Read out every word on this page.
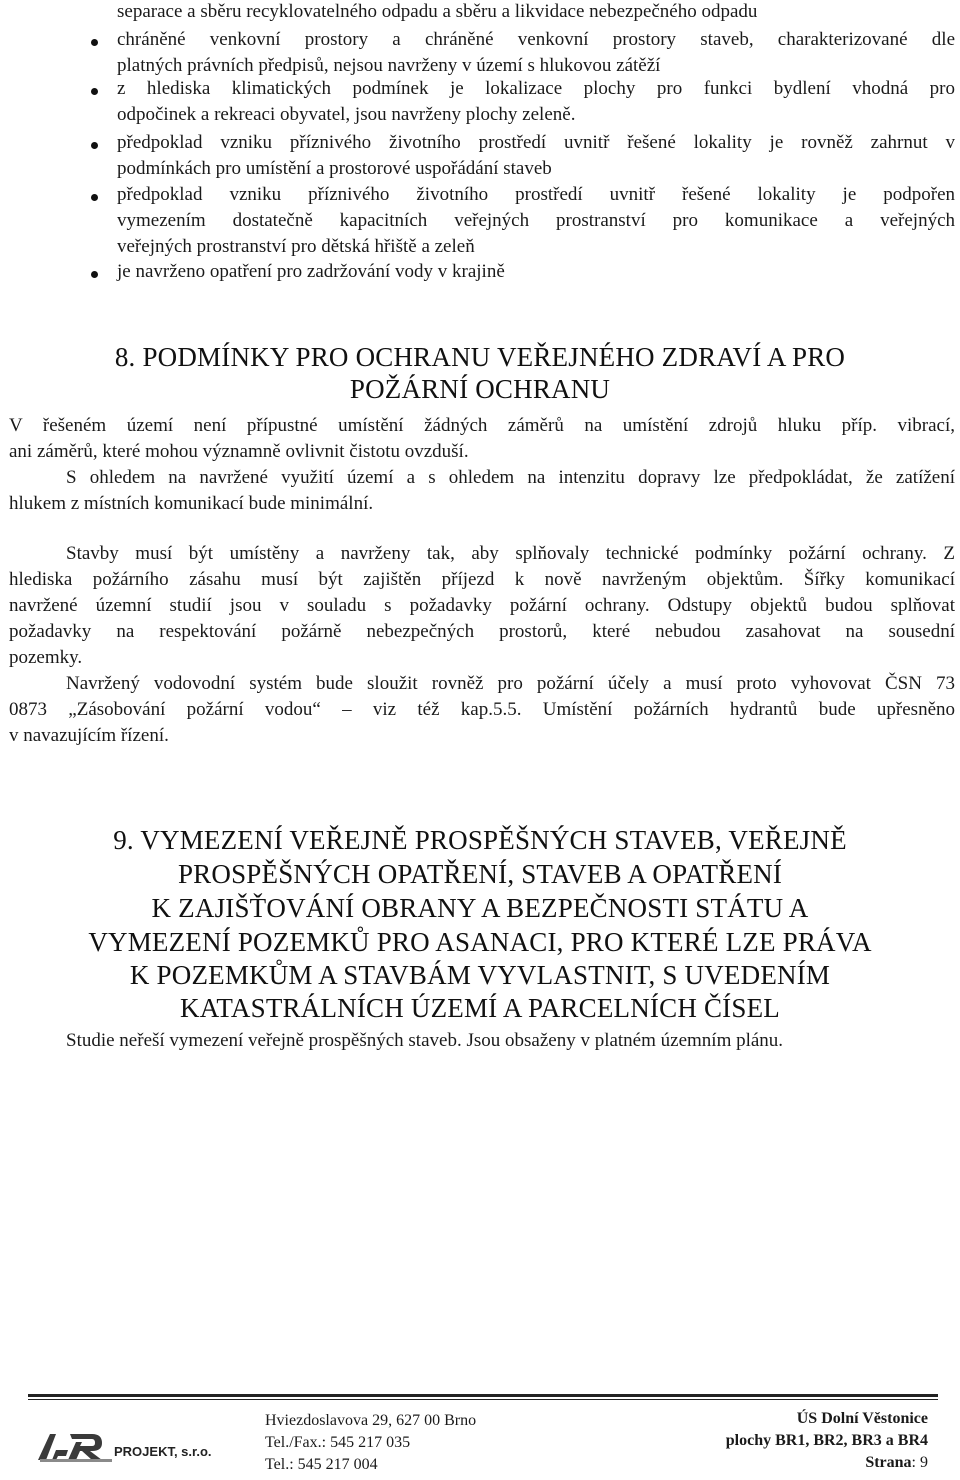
separace a sběru recyklovatelného odpadu a sběru a likvidace nebezpečného odpadu
chráněné venkovní prostory a chráněné venkovní prostory staveb, charakterizované dle
platných právních předpisů, nejsou navrženy v území s hlukovou zátěží
z hlediska klimatických podmínek je lokalizace plochy pro funkci bydlení vhodná pro
odpočinek a rekreaci obyvatel, jsou navrženy plochy zeleně.
předpoklad vzniku příznivého životního prostředí uvnitř řešené lokality je rovněž zahrnut v
podmínkách pro umístění a prostorové uspořádání staveb
předpoklad vzniku příznivého životního prostředí uvnitř řešené lokality je podpořen
vymezením dostatečně kapacitních veřejných prostranství pro komunikace a veřejných
veřejných prostranství pro dětská hřiště a zeleň
je navrženo opatření pro zadržování vody v krajině
8. PODMÍNKY PRO OCHRANU VEŘEJNÉHO ZDRAVÍ A PRO
POŽÁRNÍ OCHRANU
V řešeném území není přípustné umístění žádných záměrů na umístění zdrojů hluku příp. vibrací,
ani záměrů, které mohou významně ovlivnit čistotu ovzduší.
S ohledem na navržené využití území a s ohledem na intenzitu dopravy lze předpokládat, že zatížení
hlukem z místních komunikací bude minimální.
Stavby musí být umístěny a navrženy tak, aby splňovaly technické podmínky požární ochrany. Z
hlediska požárního zásahu musí být zajištěn příjezd k nově navrženým objektům. Šířky komunikací
navržené územní studií jsou v souladu s požadavky požární ochrany. Odstupy objektů budou splňovat
požadavky na respektování požárně nebezpečných prostorů, které nebudou zasahovat na sousední
pozemky.
Navržený vodovodní systém bude sloužit rovněž pro požární účely a musí proto vyhovovat ČSN 73
0873 „Zásobování požární vodou“ – viz též kap.5.5. Umístění požárních hydrantů bude upřesněno
v navazujícím řízení.
9. VYMEZENÍ VEŘEJNĚ PROSPĚŠNÝCH STAVEB, VEŘEJNĚ
PROSPĚŠNÝCH OPATŘENÍ, STAVEB A OPATŘENÍ
K ZAJIŠŤOVÁNÍ OBRANY A BEZPEČNOSTI STÁTU A
VYMEZENÍ POZEMKŮ PRO ASANACI, PRO KTERÉ LZE PRÁVA
K POZEMKŮM A STAVBÁM VYVLASTNIT, S UVEDENÍM
KATASTRÁLNÍCH ÚZEMÍ A PARCELNÍCH ČÍSEL
Studie neřeší vymezení veřejně prospěšných staveb. Jsou obsaženy v platném územním plánu.
PROJEKT, s.r.o.
Hviezdoslavova 29, 627 00 Brno
Tel./Fax.: 545 217 035
Tel.: 545 217 004
ÚS Dolní Věstonice
plochy BR1, BR2, BR3 a BR4
Strana: 9
